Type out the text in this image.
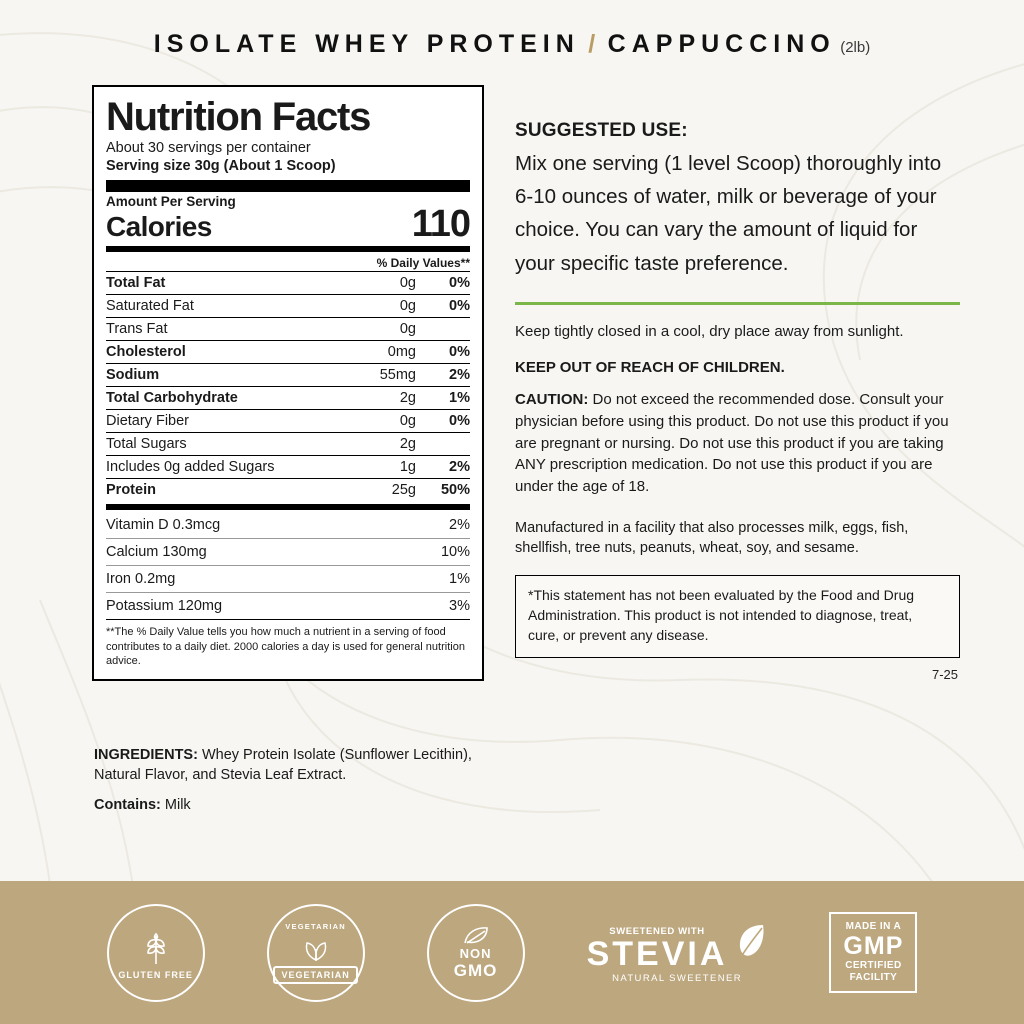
ISOLATE WHEY PROTEIN / CAPPUCCINO (2lb)
Nutrition Facts
About 30 servings per container
Serving size 30g (About 1 Scoop)
Amount Per Serving
Calories	110
% Daily Values**
Total Fat	0g	0%
Saturated Fat	0g	0%
Trans Fat	0g	
Cholesterol	0mg	0%
Sodium	55mg	2%
Total Carbohydrate	2g	1%
Dietary Fiber	0g	0%
Total Sugars	2g	
Includes 0g added Sugars	1g	2%
Protein	25g	50%
Vitamin D 0.3mcg	2%
Calcium 130mg	10%
Iron 0.2mg	1%
Potassium 120mg	3%
**The % Daily Value tells you how much a nutrient in a serving of food contributes to a daily diet. 2000 calories a day is used for general nutrition advice.
INGREDIENTS: Whey Protein Isolate (Sunflower Lecithin), Natural Flavor, and Stevia Leaf Extract.
Contains: Milk
SUGGESTED USE:
Mix one serving (1 level Scoop) thoroughly into 6-10 ounces of water, milk or beverage of your choice. You can vary the amount of liquid for your specific taste preference.
Keep tightly closed in a cool, dry place away from sunlight.
KEEP OUT OF REACH OF CHILDREN.
CAUTION: Do not exceed the recommended dose. Consult your physician before using this product. Do not use this product if you are pregnant or nursing. Do not use this product if you are taking ANY prescription medication. Do not use this product if you are under the age of 18.
Manufactured in a facility that also processes milk, eggs, fish, shellfish, tree nuts, peanuts, wheat, soy, and sesame.
*This statement has not been evaluated by the Food and Drug Administration. This product is not intended to diagnose, treat, cure, or prevent any disease.
7-25
GLUTEN FREE
VEGETARIAN
VEGETARIAN
NON
GMO
SWEETENED WITH
STEVIA
NATURAL SWEETENER
MADE IN A
GMP
CERTIFIED
FACILITY
